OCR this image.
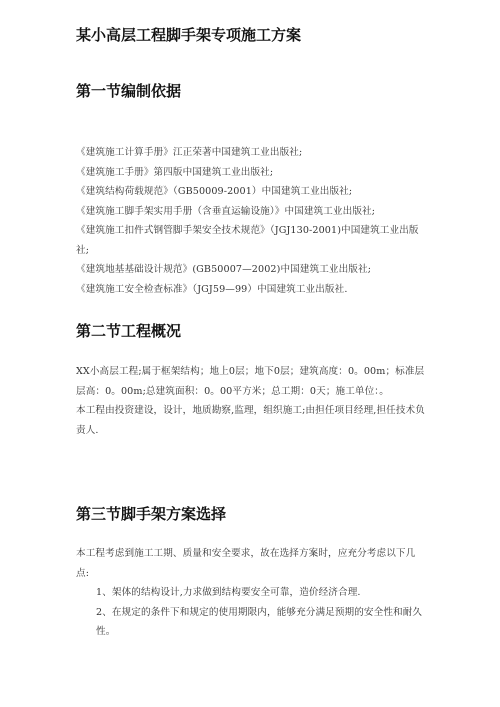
某小高层工程脚手架专项施工方案
第一节编制依据
《建筑施工计算手册》江正荣著中国建筑工业出版社;
《建筑施工手册》第四版中国建筑工业出版社;
《建筑结构荷载规范》（GB50009-2001）中国建筑工业出版社;
《建筑施工脚手架实用手册（含垂直运输设施）》中国建筑工业出版社;
《建筑施工扣件式钢管脚手架安全技术规范》（JGJ130-2001)中国建筑工业出版社;
《建筑地基基础设计规范》(GB50007—2002)中国建筑工业出版社;
《建筑施工安全检查标准》（JGJ59—99）中国建筑工业出版社.
第二节工程概况
XX小高层工程;属于框架结构；地上0层；地下0层；建筑高度：0。00m；标准层层高：0。00m;总建筑面积：0。00平方米；总工期：0天；施工单位：。
本工程由投资建设，设计，地质勘察,监理，组织施工;由担任项目经理,担任技术负责人.
第三节脚手架方案选择
本工程考虑到施工工期、质量和安全要求，故在选择方案时，应充分考虑以下几点:
1、架体的结构设计,力求做到结构要安全可靠，造价经济合理.
2、在规定的条件下和规定的使用期限内，能够充分满足预期的安全性和耐久性。
